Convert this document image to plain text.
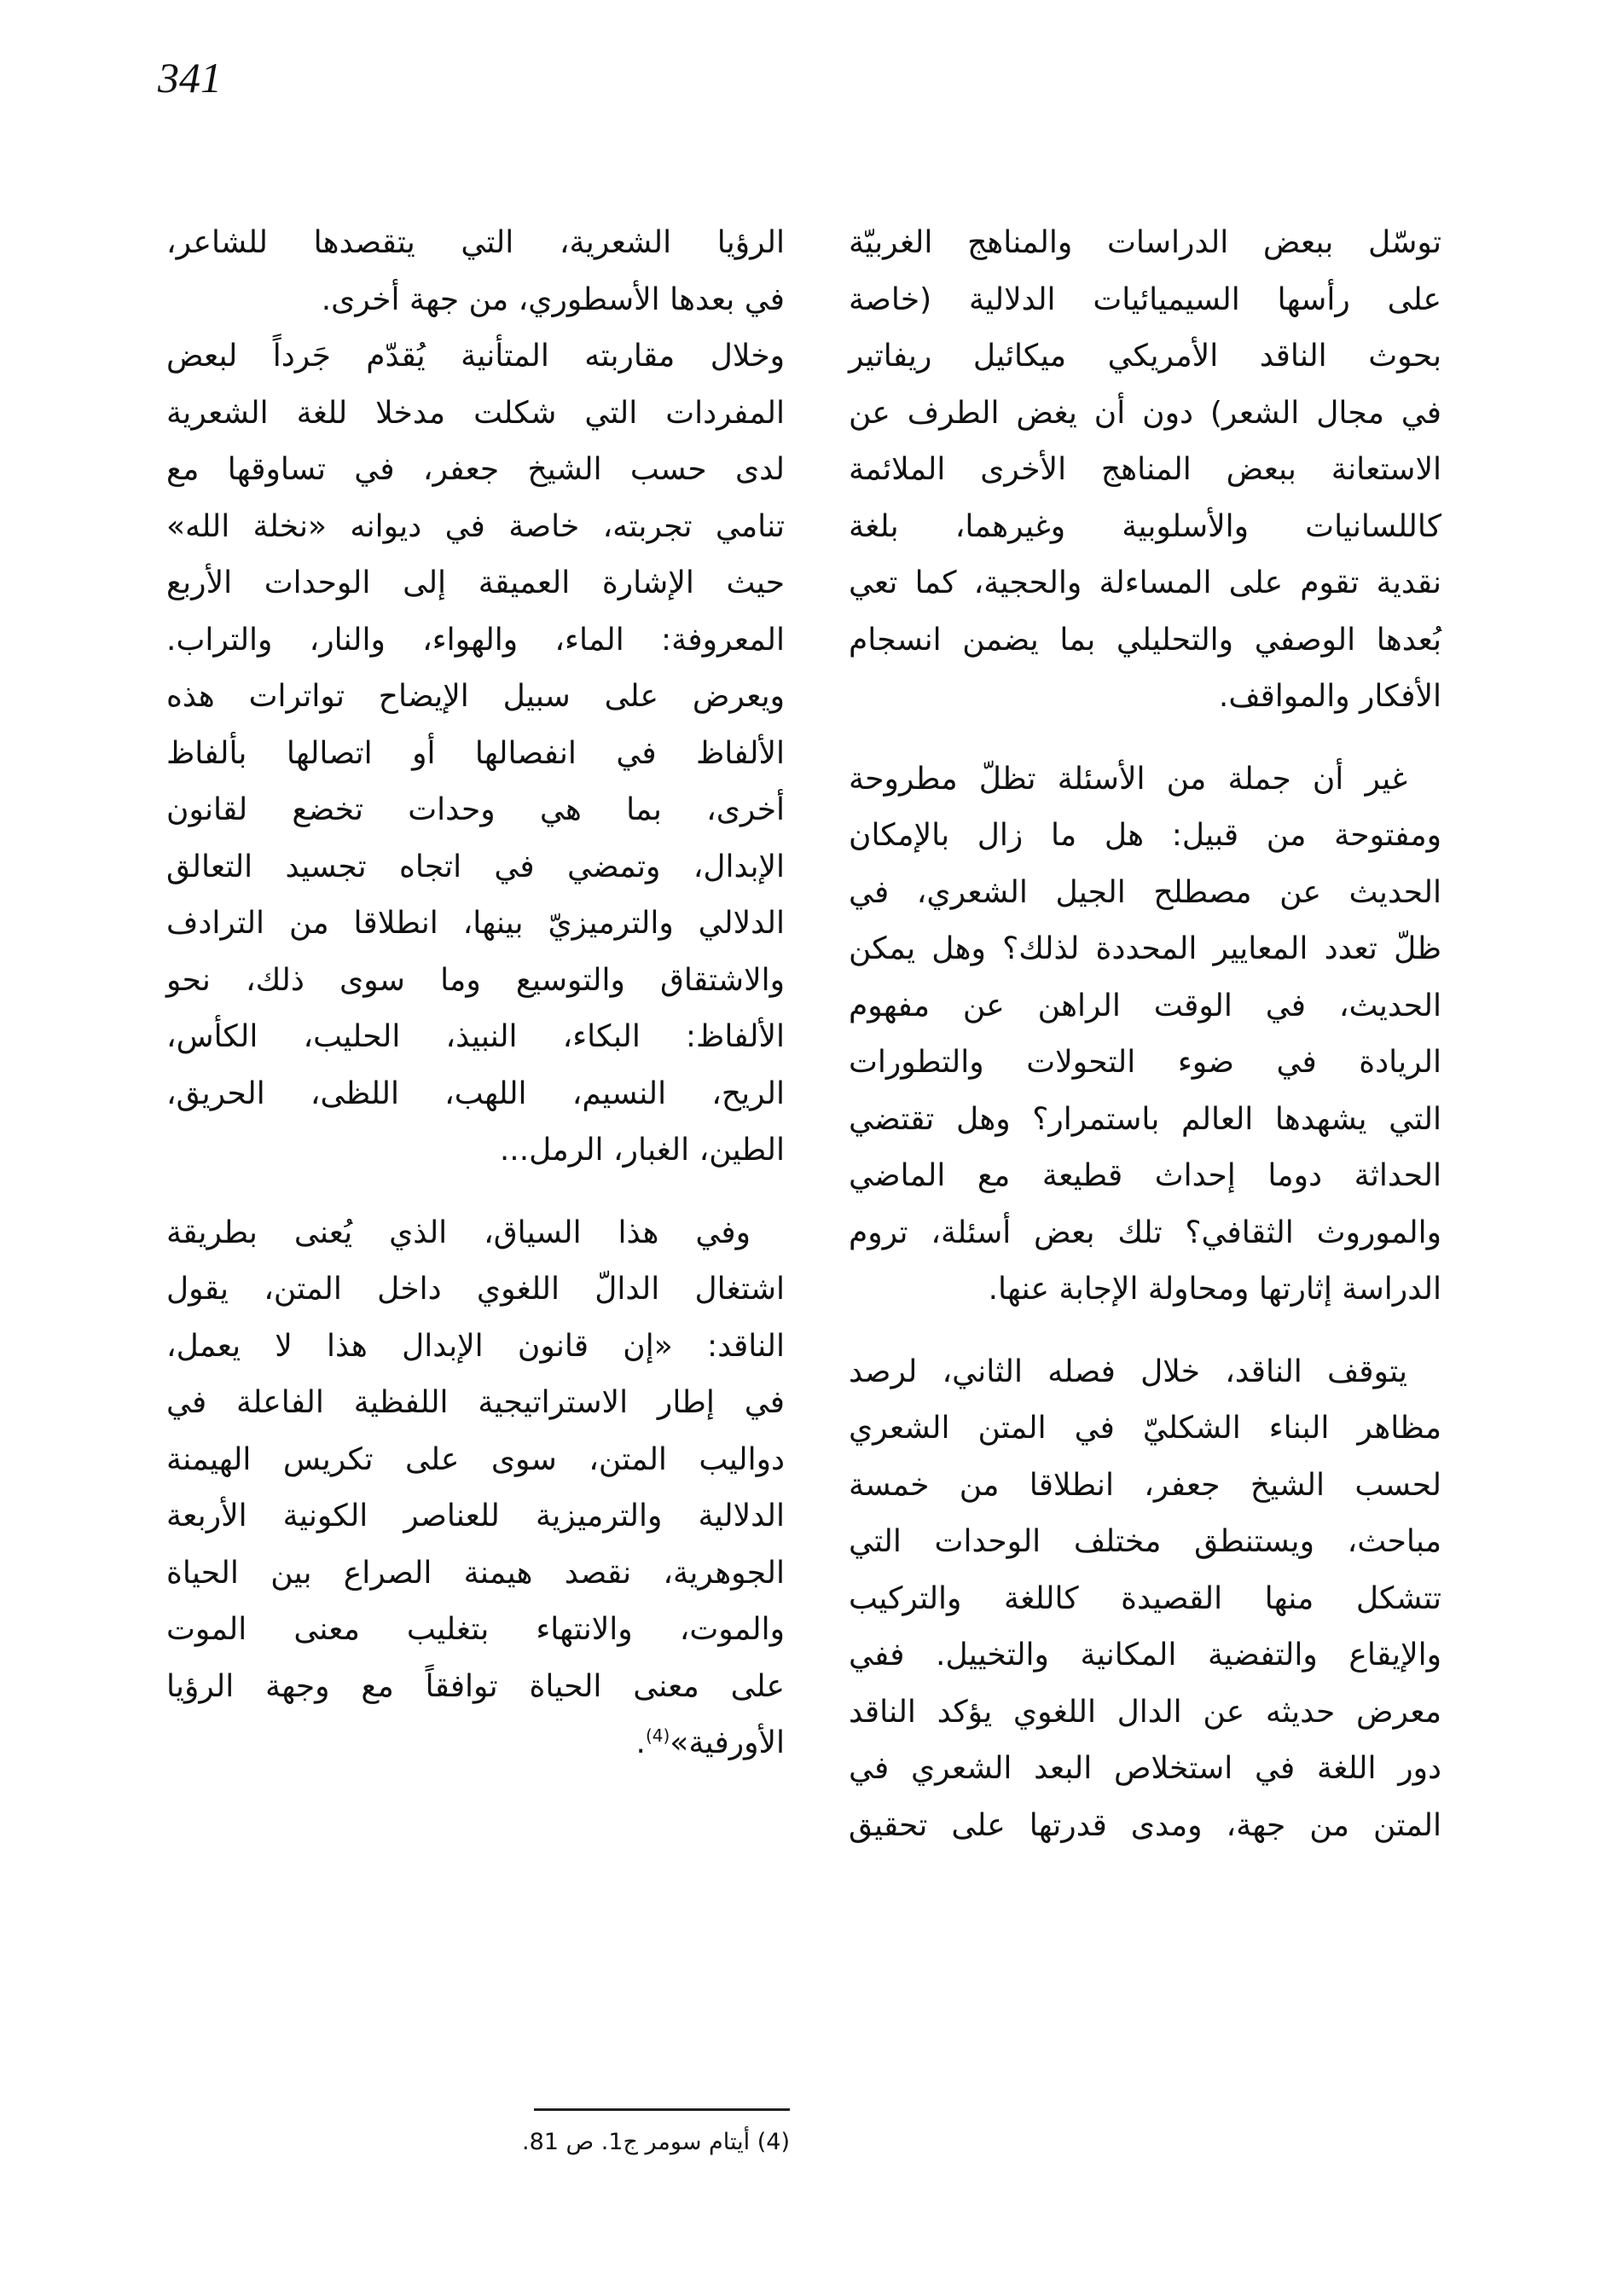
341
توسّل ببعض الدراسات والمناهج الغربيّة
على رأسها السيميائيات الدلالية (خاصة
بحوث الناقد الأمريكي ميكائيل ريفاتير
في مجال الشعر) دون أن يغض الطرف عن
الاستعانة ببعض المناهج الأخرى الملائمة
كاللسانيات والأسلوبية وغيرهما، بلغة
نقدية تقوم على المساءلة والحجية، كما تعي
بُعدها الوصفي والتحليلي بما يضمن انسجام
الأفكار والمواقف.
غير أن جملة من الأسئلة تظلّ مطروحة
ومفتوحة من قبيل: هل ما زال بالإمكان
الحديث عن مصطلح الجيل الشعري، في
ظلّ تعدد المعايير المحددة لذلك؟ وهل يمكن
الحديث، في الوقت الراهن عن مفهوم
الريادة في ضوء التحولات والتطورات
التي يشهدها العالم باستمرار؟ وهل تقتضي
الحداثة دوما إحداث قطيعة مع الماضي
والموروث الثقافي؟ تلك بعض أسئلة، تروم
الدراسة إثارتها ومحاولة الإجابة عنها.
يتوقف الناقد، خلال فصله الثاني، لرصد
مظاهر البناء الشكليّ في المتن الشعري
لحسب الشيخ جعفر، انطلاقا من خمسة
مباحث، ويستنطق مختلف الوحدات التي
تتشكل منها القصيدة كاللغة والتركيب
والإيقاع والتفضية المكانية والتخييل. ففي
معرض حديثه عن الدال اللغوي يؤكد الناقد
دور اللغة في استخلاص البعد الشعري في
المتن من جهة، ومدى قدرتها على تحقيق
الرؤيا الشعرية، التي يتقصدها للشاعر،
في بعدها الأسطوري، من جهة أخرى.
وخلال مقاربته المتأنية يُقدّم جَرداً لبعض
المفردات التي شكلت مدخلا للغة الشعرية
لدى حسب الشيخ جعفر، في تساوقها مع
تنامي تجربته، خاصة في ديوانه «نخلة الله»
حيث الإشارة العميقة إلى الوحدات الأربع
المعروفة: الماء، والهواء، والنار، والتراب.
ويعرض على سبيل الإيضاح تواترات هذه
الألفاظ في انفصالها أو اتصالها بألفاظ
أخرى، بما هي وحدات تخضع لقانون
الإبدال، وتمضي في اتجاه تجسيد التعالق
الدلالي والترميزيّ بينها، انطلاقا من الترادف
والاشتقاق والتوسيع وما سوى ذلك، نحو
الألفاظ: البكاء، النبيذ، الحليب، الكأس،
الريح، النسيم، اللهب، اللظى، الحريق،
الطين، الغبار، الرمل...
وفي هذا السياق، الذي يُعنى بطريقة
اشتغال الدالّ اللغوي داخل المتن، يقول
الناقد: «إن قانون الإبدال هذا لا يعمل،
في إطار الاستراتيجية اللفظية الفاعلة في
دواليب المتن، سوى على تكريس الهيمنة
الدلالية والترميزية للعناصر الكونية الأربعة
الجوهرية، نقصد هيمنة الصراع بين الحياة
والموت، والانتهاء بتغليب معنى الموت
على معنى الحياة توافقاً مع وجهة الرؤيا
الأورفية»$^{(4)}$.
(4) أيتام سومر ج1. ص 81.
